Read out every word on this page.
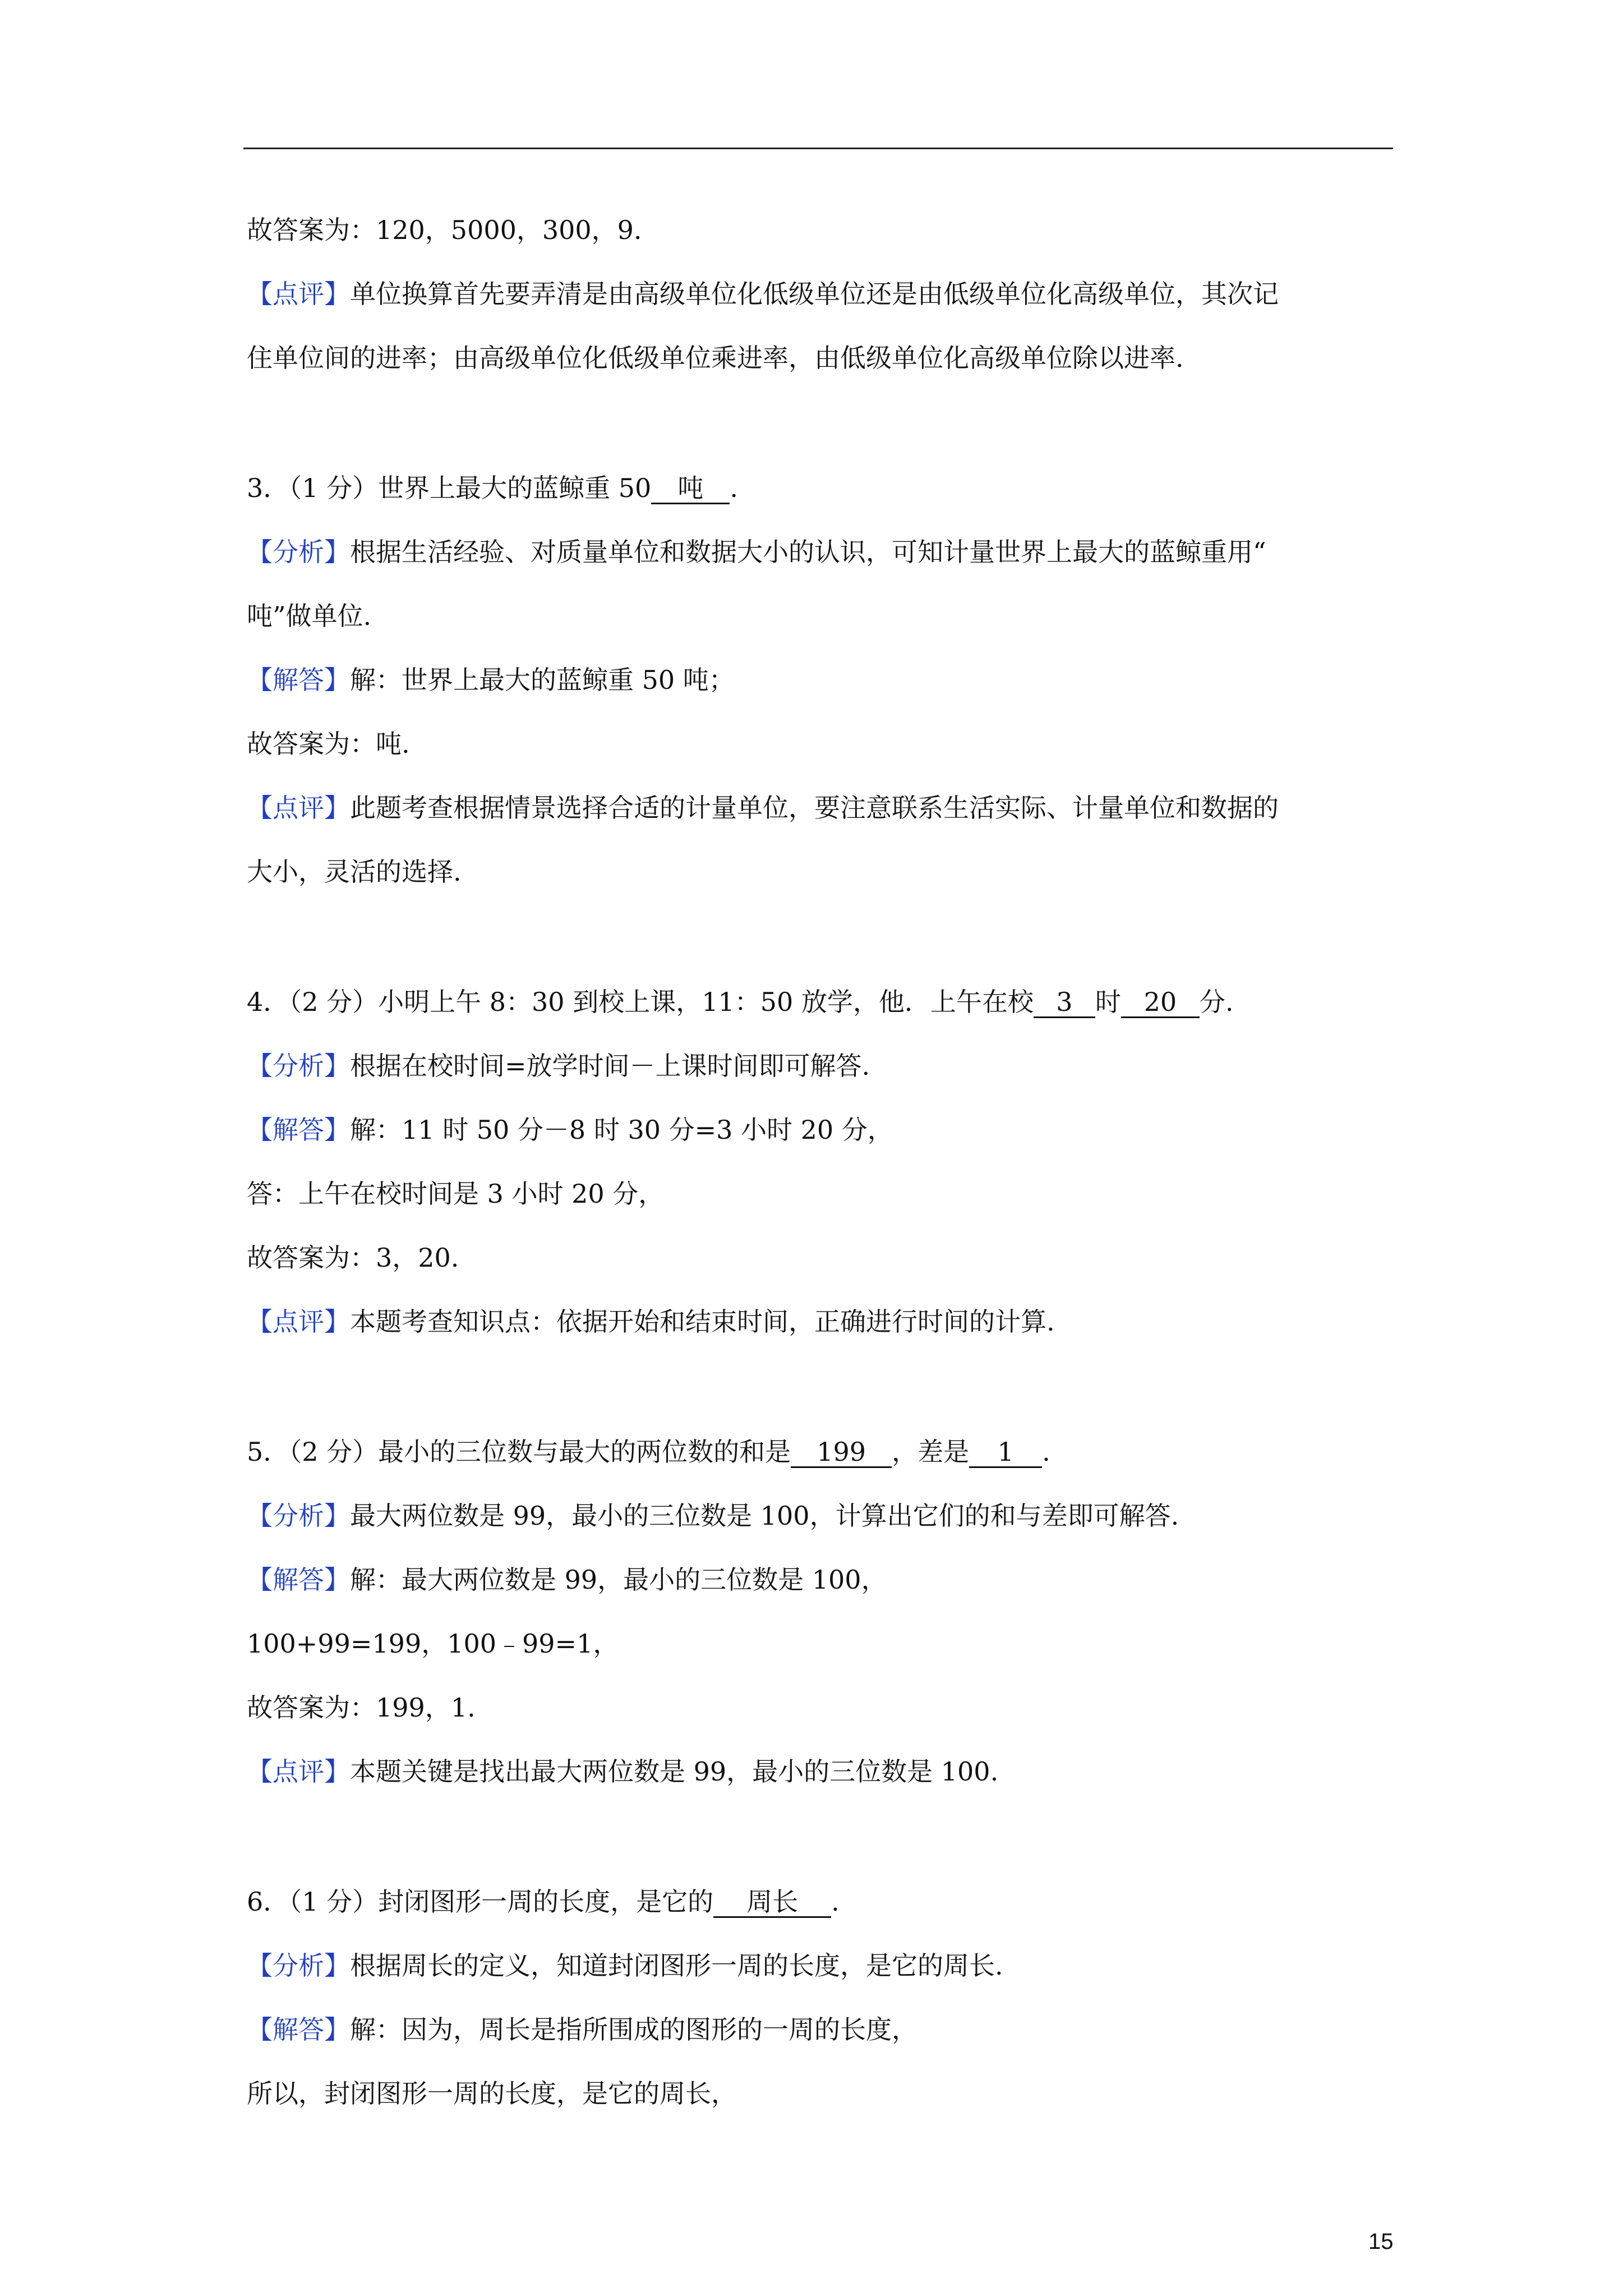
故答案为：120，5000，300，9.
【点评】单位换算首先要弄清是由高级单位化低级单位还是由低级单位化高级单位，其次记
住单位间的进率；由高级单位化低级单位乘进率，由低级单位化高级单位除以进率.
3．（1 分）世界上最大的蓝鲸重 50 吨 .
【分析】根据生活经验、对质量单位和数据大小的认识，可知计量世界上最大的蓝鲸重用“
吨”做单位.
【解答】解：世界上最大的蓝鲸重 50 吨；
故答案为：吨.
【点评】此题考查根据情景选择合适的计量单位，要注意联系生活实际、计量单位和数据的
大小，灵活的选择.
4．（2 分）小明上午 8：30 到校上课，11：50 放学，他．上午在校 3 时 20 分.
【分析】根据在校时间=放学时间－上课时间即可解答.
【解答】解：11 时 50 分－8 时 30 分=3 小时 20 分，
答：上午在校时间是 3 小时 20 分，
故答案为：3，20.
【点评】本题考查知识点：依据开始和结束时间，正确进行时间的计算.
5．（2 分）最小的三位数与最大的两位数的和是 199 ，差是 1 .
【分析】最大两位数是 99，最小的三位数是 100，计算出它们的和与差即可解答.
【解答】解：最大两位数是 99，最小的三位数是 100，
100+99=199，100﹣99=1，
故答案为：199，1.
【点评】本题关键是找出最大两位数是 99，最小的三位数是 100.
6．（1 分）封闭图形一周的长度，是它的 周长 .
【分析】根据周长的定义，知道封闭图形一周的长度，是它的周长.
【解答】解：因为，周长是指所围成的图形的一周的长度，
所以，封闭图形一周的长度，是它的周长，
15
